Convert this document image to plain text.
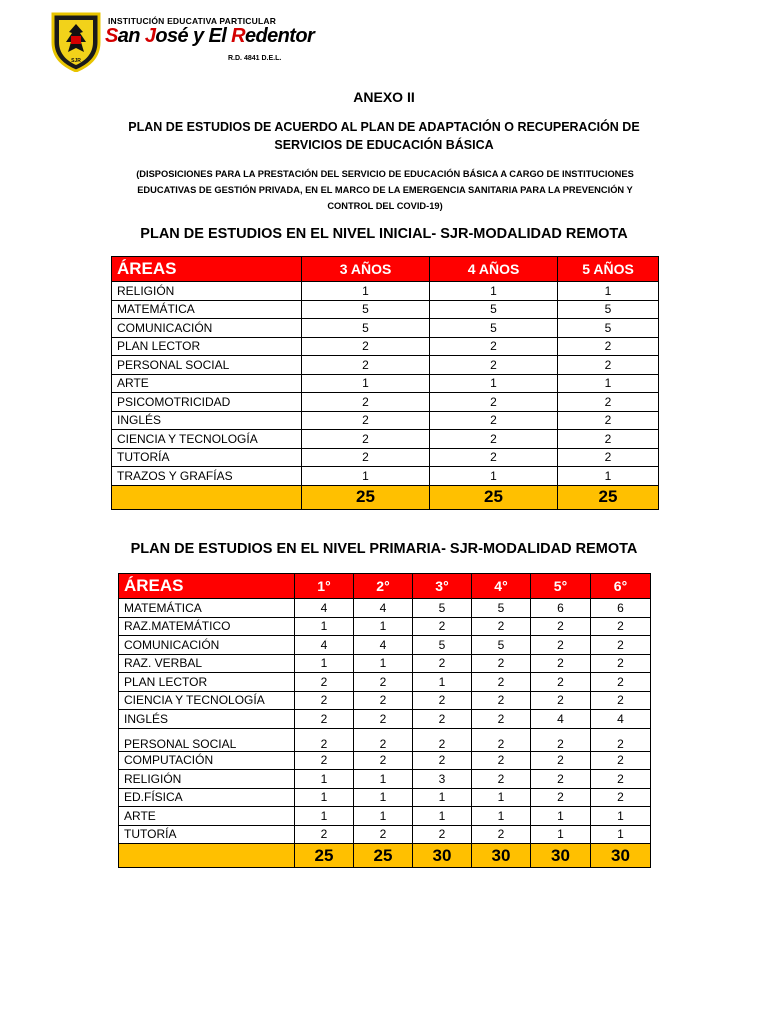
SJR
INSTITUCIÓN EDUCATIVA PARTICULAR
San José y El Redentor
R.D. 4841 D.E.L.
ANEXO II
PLAN DE ESTUDIOS DE ACUERDO AL PLAN DE ADAPTACIÓN O RECUPERACIÓN DE
SERVICIOS DE EDUCACIÓN BÁSICA
(DISPOSICIONES PARA LA PRESTACIÓN DEL SERVICIO DE EDUCACIÓN BÁSICA A CARGO DE INSTITUCIONES
EDUCATIVAS DE GESTIÓN PRIVADA, EN EL MARCO DE LA EMERGENCIA SANITARIA PARA LA PREVENCIÓN Y
CONTROL DEL COVID-19)
PLAN DE ESTUDIOS EN EL NIVEL INICIAL- SJR-MODALIDAD REMOTA
ÁREAS	3 AÑOS	4 AÑOS	5 AÑOS
RELIGIÓN	1	1	1
MATEMÁTICA	5	5	5
COMUNICACIÓN	5	5	5
PLAN LECTOR	2	2	2
PERSONAL SOCIAL	2	2	2
ARTE	1	1	1
PSICOMOTRICIDAD	2	2	2
INGLÉS	2	2	2
CIENCIA Y TECNOLOGÍA	2	2	2
TUTORÍA	2	2	2
TRAZOS Y GRAFÍAS	1	1	1
	25	25	25
PLAN DE ESTUDIOS EN EL NIVEL PRIMARIA- SJR-MODALIDAD REMOTA
ÁREAS	1°	2°	3°	4°	5°	6°
MATEMÁTICA	4	4	5	5	6	6
RAZ.MATEMÁTICO	1	1	2	2	2	2
COMUNICACIÓN	4	4	5	5	2	2
RAZ. VERBAL	1	1	2	2	2	2
PLAN LECTOR	2	2	1	2	2	2
CIENCIA Y TECNOLOGÍA	2	2	2	2	2	2
INGLÉS	2	2	2	2	4	4
PERSONAL SOCIAL	2	2	2	2	2	2
COMPUTACIÓN	2	2	2	2	2	2
RELIGIÓN	1	1	3	2	2	2
ED.FÍSICA	1	1	1	1	2	2
ARTE	1	1	1	1	1	1
TUTORÍA	2	2	2	2	1	1
	25	25	30	30	30	30
